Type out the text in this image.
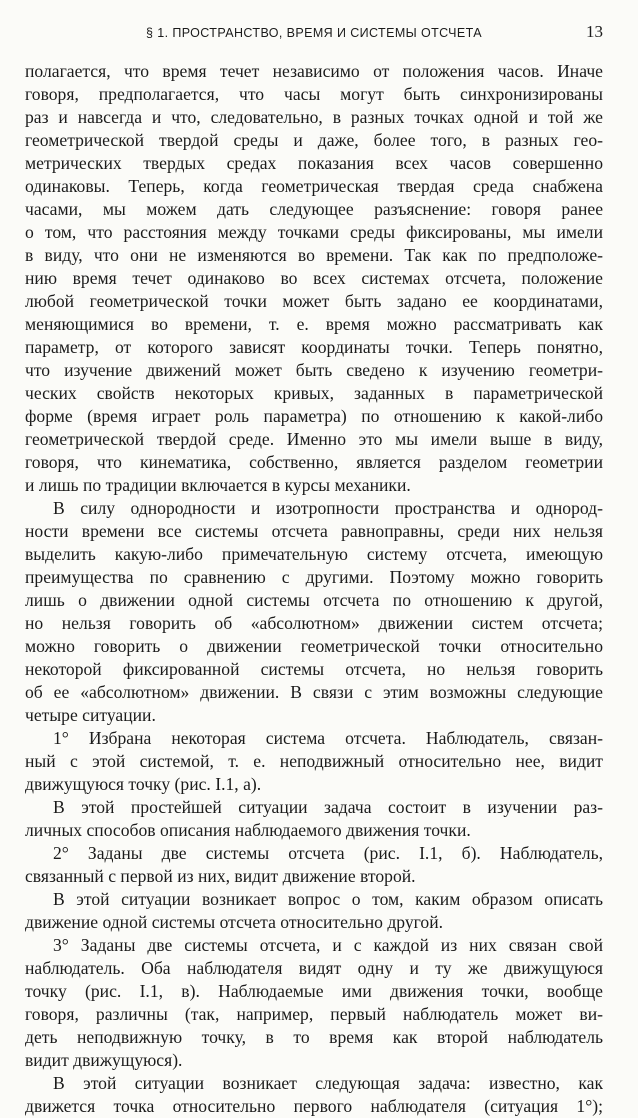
§ 1. ПРОСТРАНСТВО, ВРЕМЯ И СИСТЕМЫ ОТСЧЕТА	13
полагается, что время течет независимо от положения часов. Иначе
говоря, предполагается, что часы могут быть синхронизированы
раз и навсегда и что, следовательно, в разных точках одной и той же
геометрической твердой среды и даже, более того, в разных гео-
метрических твердых средах показания всех часов совершенно
одинаковы. Теперь, когда геометрическая твердая среда снабжена
часами, мы можем дать следующее разъяснение: говоря ранее
о том, что расстояния между точками среды фиксированы, мы имели
в виду, что они не изменяются во времени. Так как по предположе-
нию время течет одинаково во всех системах отсчета, положение
любой геометрической точки может быть задано ее координатами,
меняющимися во времени, т. е. время можно рассматривать как
параметр, от которого зависят координаты точки. Теперь понятно,
что изучение движений может быть сведено к изучению геометри-
ческих свойств некоторых кривых, заданных в параметрической
форме (время играет роль параметра) по отношению к какой-либо
геометрической твердой среде. Именно это мы имели выше в виду,
говоря, что кинематика, собственно, является разделом геометрии
и лишь по традиции включается в курсы механики.
В силу однородности и изотропности пространства и однород-
ности времени все системы отсчета равноправны, среди них нельзя
выделить какую-либо примечательную систему отсчета, имеющую
преимущества по сравнению с другими. Поэтому можно говорить
лишь о движении одной системы отсчета по отношению к другой,
но нельзя говорить об «абсолютном» движении систем отсчета;
можно говорить о движении геометрической точки относительно
некоторой фиксированной системы отсчета, но нельзя говорить
об ее «абсолютном» движении. В связи с этим возможны следующие
четыре ситуации.
1° Избрана некоторая система отсчета. Наблюдатель, связан-
ный с этой системой, т. е. неподвижный относительно нее, видит
движущуюся точку (рис. I.1, а).
В этой простейшей ситуации задача состоит в изучении раз-
личных способов описания наблюдаемого движения точки.
2° Заданы две системы отсчета (рис. I.1, б). Наблюдатель,
связанный с первой из них, видит движение второй.
В этой ситуации возникает вопрос о том, каким образом описать
движение одной системы отсчета относительно другой.
3° Заданы две системы отсчета, и с каждой из них связан свой
наблюдатель. Оба наблюдателя видят одну и ту же движущуюся
точку (рис. I.1, в). Наблюдаемые ими движения точки, вообще
говоря, различны (так, например, первый наблюдатель может ви-
деть неподвижную точку, в то время как второй наблюдатель
видит движущуюся).
В этой ситуации возникает следующая задача: известно, как
движется точка относительно первого наблюдателя (ситуация 1°);
